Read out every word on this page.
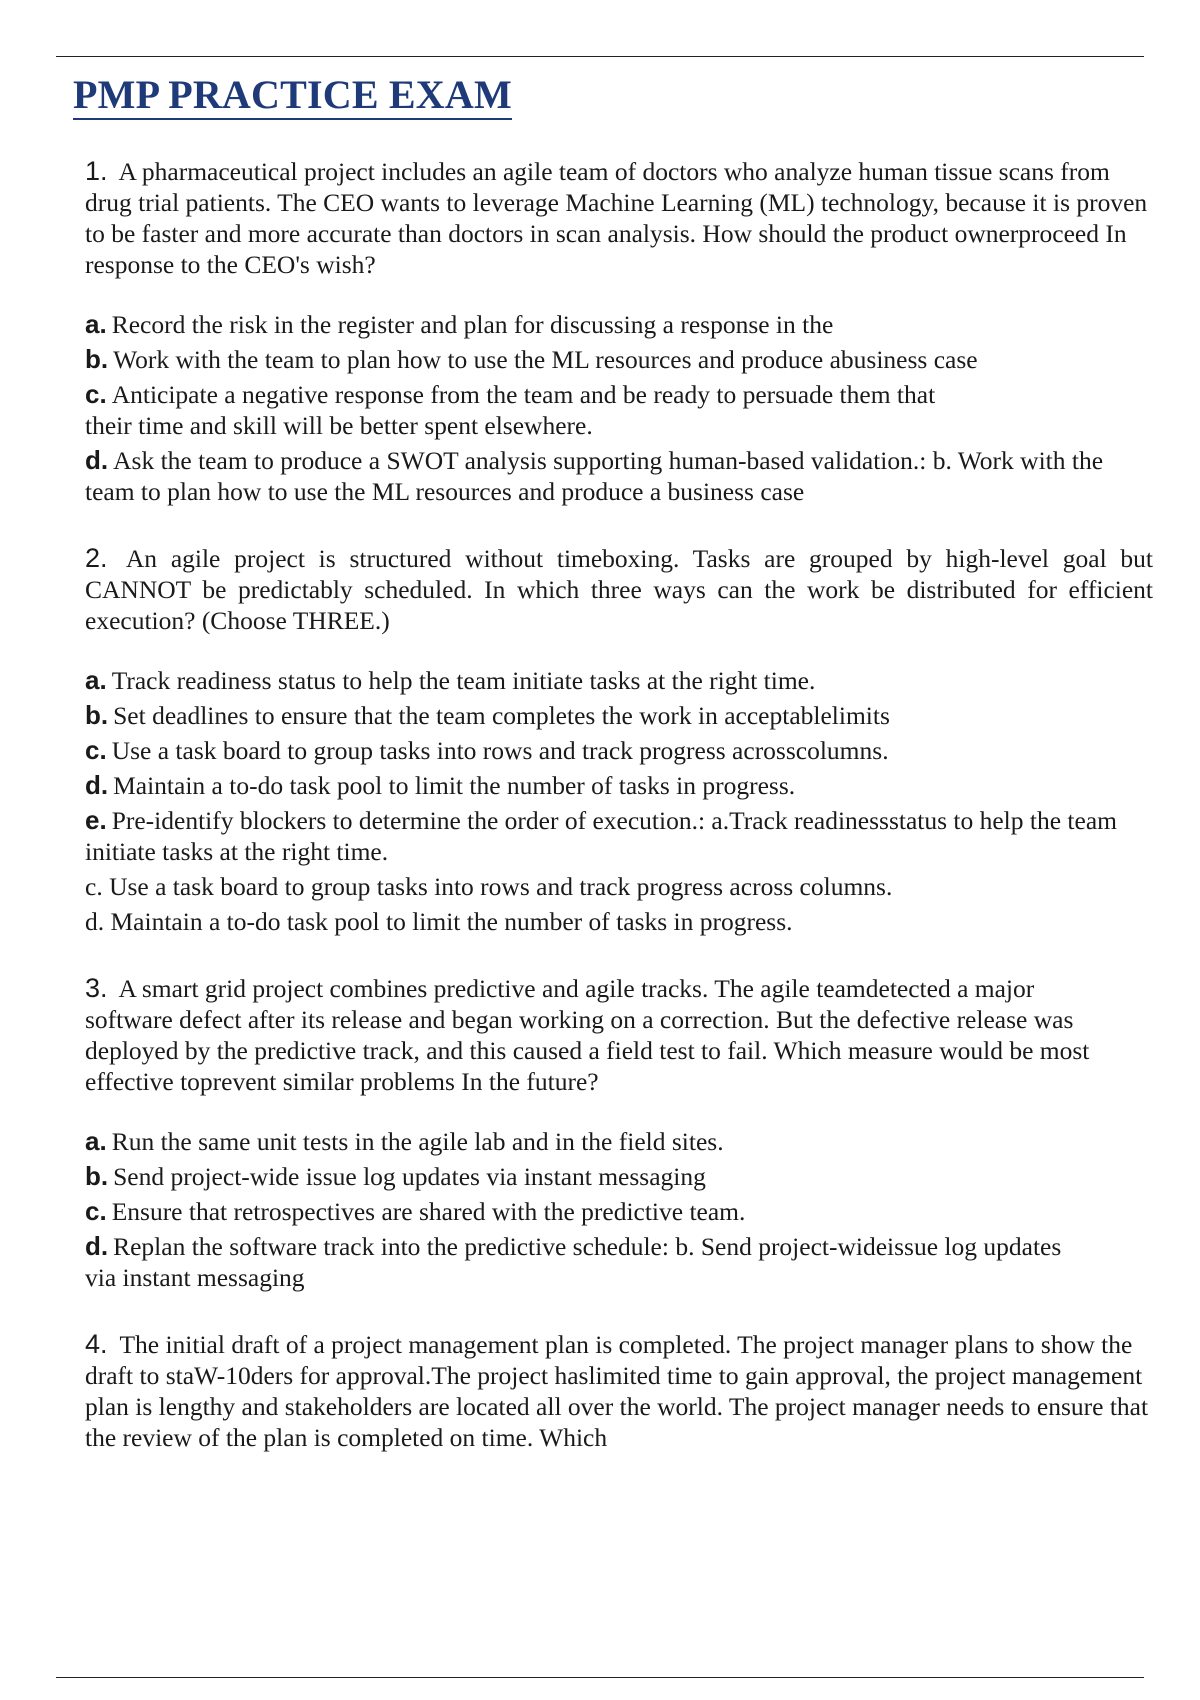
PMP PRACTICE EXAM

1. A pharmaceutical project includes an agile team of doctors who analyze human tissue scans from drug trial patients. The CEO wants to leverage Machine Learning (ML) technology, because it is proven to be faster and more accurate than doctors in scan analysis. How should the product ownerproceed In response to the CEO's wish?

a. Record the risk in the register and plan for discussing a response in the

b. Work with the team to plan how to use the ML resources and produce abusiness case

c. Anticipate a negative response from the team and be ready to persuade them that their time and skill will be better spent elsewhere.

d. Ask the team to produce a SWOT analysis supporting human-based validation.: b. Work with the team to plan how to use the ML resources and produce a business case

2. An agile project is structured without timeboxing. Tasks are grouped by high-level goal but CANNOT be predictably scheduled. In which three ways can the work be distributed for efficient execution? (Choose THREE.)

a. Track readiness status to help the team initiate tasks at the right time.

b. Set deadlines to ensure that the team completes the work in acceptablelimits

c. Use a task board to group tasks into rows and track progress acrosscolumns.

d. Maintain a to-do task pool to limit the number of tasks in progress.

e. Pre-identify blockers to determine the order of execution.: a.Track readinessstatus to help the team initiate tasks at the right time.

c. Use a task board to group tasks into rows and track progress across columns.

d. Maintain a to-do task pool to limit the number of tasks in progress.

3. A smart grid project combines predictive and agile tracks. The agile teamdetected a major software defect after its release and began working on a correction. But the defective release was deployed by the predictive track, and this caused a field test to fail. Which measure would be most effective toprevent similar problems In the future?

a. Run the same unit tests in the agile lab and in the field sites.

b. Send project-wide issue log updates via instant messaging

c. Ensure that retrospectives are shared with the predictive team.

d. Replan the software track into the predictive schedule: b. Send project-wideissue log updates via instant messaging

4. The initial draft of a project management plan is completed. The project manager plans to show the draft to staW-10ders for approval.The project haslimited time to gain approval, the project management plan is lengthy and stakeholders are located all over the world. The project manager needs to ensure that the review of the plan is completed on time. Which
